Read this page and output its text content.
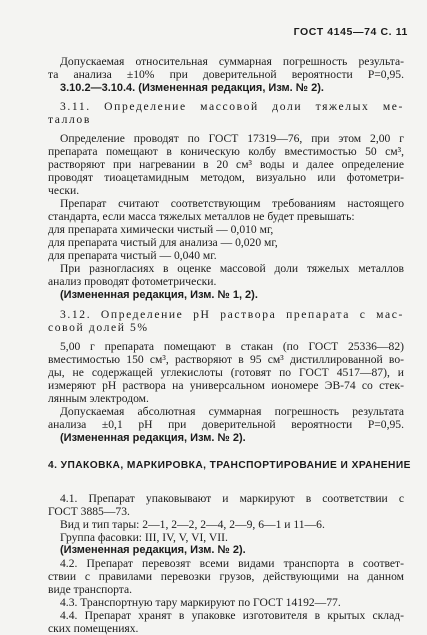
ГОСТ 4145—74 С. 11
Допускаемая относительная суммарная погрешность результа-
та анализа ±10% при доверительной вероятности P=0,95.
3.10.2—3.10.4. (Измененная редакция, Изм. № 2).
3.11. Определение массовой доли тяжелых ме-
таллов
Определение проводят по ГОСТ 17319—76, при этом 2,00 г
препарата помещают в коническую колбу вместимостью 50 см³,
растворяют при нагревании в 20 см³ воды и далее определение
проводят тиоацетамидным методом, визуально или фотометри-
чески.
Препарат считают соответствующим требованиям настоящего
стандарта, если масса тяжелых металлов не будет превышать:
для препарата химически чистый — 0,010 мг,
для препарата чистый для анализа — 0,020 мг,
для препарата чистый — 0,040 мг.
При разногласиях в оценке массовой доли тяжелых металлов
анализ проводят фотометрически.
(Измененная редакция, Изм. № 1, 2).
3.12. Определение pH раствора препарата с мас-
совой долей 5%
5,00 г препарата помещают в стакан (по ГОСТ 25336—82)
вместимостью 150 см³, растворяют в 95 см³ дистиллированной во-
ды, не содержащей углекислоты (готовят по ГОСТ 4517—87), и
измеряют pH раствора на универсальном иономере ЭВ-74 со стек-
лянным электродом.
Допускаемая абсолютная суммарная погрешность результата
анализа ±0,1 pH при доверительной вероятности P=0,95.
(Измененная редакция, Изм. № 2).
4.1. Препарат упаковывают и маркируют в соответствии с
ГОСТ 3885—73.
Вид и тип тары: 2—1, 2—2, 2—4, 2—9, 6—1 и 11—6.
Группа фасовки: III, IV, V, VI, VII.
(Измененная редакция, Изм. № 2).
4.2. Препарат перевозят всеми видами транспорта в соответ-
ствии с правилами перевозки грузов, действующими на данном
виде транспорта.
4.3. Транспортную тару маркируют по ГОСТ 14192—77.
4.4. Препарат хранят в упаковке изготовителя в крытых склад-
ских помещениях.
4. УПАКОВКА, МАРКИРОВКА, ТРАНСПОРТИРОВАНИЕ И ХРАНЕНИЕ
